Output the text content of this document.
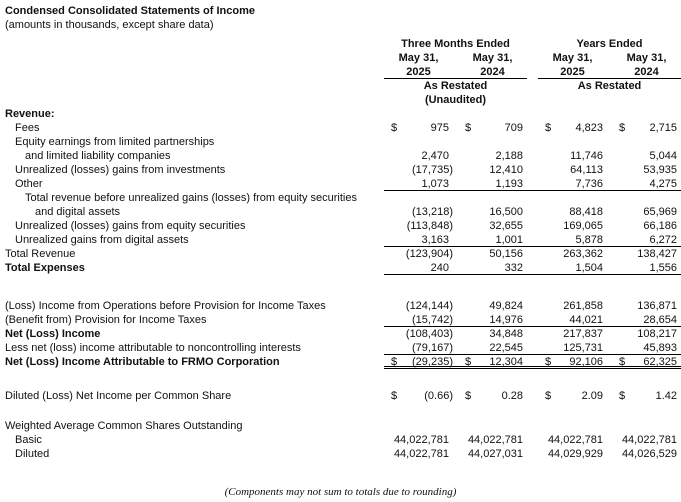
Condensed Consolidated Statements of Income
(amounts in thousands, except share data)
Three Months Ended	Years Ended
May 31,	May 31,	May 31,	May 31,
2025	2024	2025	2024
As Restated	As Restated
(Unaudited)
Revenue:
Fees	$	975	$	709	$	4,823	$	2,715
Equity earnings from limited partnerships
and limited liability companies	2,470	2,188	11,746	5,044
Unrealized (losses) gains from investments	(17,735)	12,410	64,113	53,935
Other	1,073	1,193	7,736	4,275
Total revenue before unrealized gains (losses) from equity securities
and digital assets	(13,218)	16,500	88,418	65,969
Unrealized (losses) gains from equity securities	(113,848)	32,655	169,065	66,186
Unrealized gains from digital assets	3,163	1,001	5,878	6,272
Total Revenue	(123,904)	50,156	263,362	138,427
Total Expenses	240	332	1,504	1,556
(Loss) Income from Operations before Provision for Income Taxes	(124,144)	49,824	261,858	136,871
(Benefit from) Provision for Income Taxes	(15,742)	14,976	44,021	28,654
Net (Loss) Income	(108,403)	34,848	217,837	108,217
Less net (loss) income attributable to noncontrolling interests	(79,167)	22,545	125,731	45,893
Net (Loss) Income Attributable to FRMO Corporation	$	(29,235) $	12,304	$	92,106	$	62,325
Diluted (Loss) Net Income per Common Share	$	(0.66) $	0.28	$	2.09	$	1.42
Weighted Average Common Shares Outstanding
Basic	44,022,781	44,022,781	44,022,781	44,022,781
Diluted	44,022,781	44,027,031	44,029,929	44,026,529
(Components may not sum to totals due to rounding)
